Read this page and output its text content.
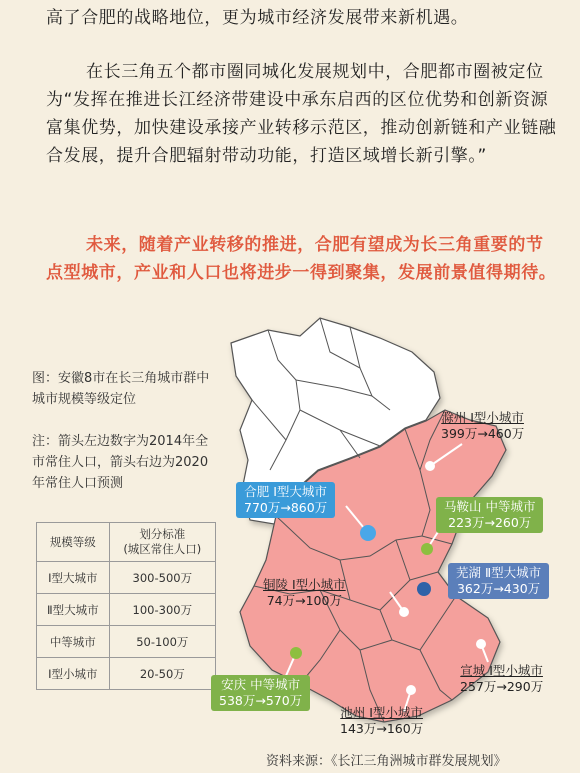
高了合肥的战略地位，更为城市经济发展带来新机遇。

在长三角五个都市圈同城化发展规划中，合肥都市圈被定位为“发挥在推进长江经济带建设中承东启西的区位优势和创新资源富集优势，加快建设承接产业转移示范区，推动创新链和产业链融合发展，提升合肥辐射带动功能，打造区域增长新引擎。”

未来，随着产业转移的推进，合肥有望成为长三角重要的节点型城市，产业和人口也将进步一得到聚集，发展前景值得期待。

图：安徽8市在长三角城市群中城市规模等级定位

注：箭头左边数字为2014年全市常住人口，箭头右边为2020年常住人口预测

规模等级	划分标准
(城区常住人口)
Ⅰ型大城市	300-500万
Ⅱ型大城市	100-300万
中等城市	50-100万
Ⅰ型小城市	20-50万
滁州 Ⅰ型小城市
399万→460万
合肥 Ⅰ型大城市
770万→860万	马鞍山 中等城市
223万→260万
芜湖 Ⅱ型大城市
362万→430万
铜陵 Ⅰ型小城市
74万→100万
安庆 中等城市
538万→570万
宣城 Ⅰ型小城市
257万→290万
池州 Ⅰ型小城市
143万→160万

资料来源：《长江三角洲城市群发展规划》
